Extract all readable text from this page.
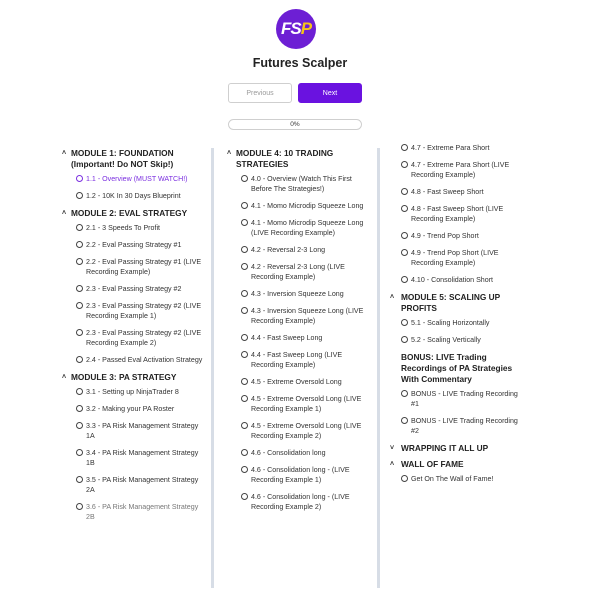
F S P
Futures Scalper
Previous	Next
0%
˄ MODULE 1: FOUNDATION (Important! Do NOT Skip!)
1.1 - Overview (MUST WATCH!)
1.2 - 10K In 30 Days Blueprint
˄ MODULE 2: EVAL STRATEGY
2.1 - 3 Speeds To Profit
2.2 - Eval Passing Strategy #1
2.2 - Eval Passing Strategy #1 (LIVE Recording Example)
2.3 - Eval Passing Strategy #2
2.3 - Eval Passing Strategy #2 (LIVE Recording Example 1)
2.3 - Eval Passing Strategy #2 (LIVE Recording Example 2)
2.4 - Passed Eval Activation Strategy
˄ MODULE 3: PA STRATEGY
3.1 - Setting up NinjaTrader 8
3.2 - Making your PA Roster
3.3 - PA Risk Management Strategy 1A
3.4 - PA Risk Management Strategy 1B
3.5 - PA Risk Management Strategy 2A
3.6 - PA Risk Management Strategy 2B
˄ MODULE 4: 10 TRADING STRATEGIES
4.0 - Overview (Watch This First Before The Strategies!)
4.1 - Momo Microdip Squeeze Long
4.1 - Momo Microdip Squeeze Long (LIVE Recording Example)
4.2 - Reversal 2-3 Long
4.2 - Reversal 2-3 Long (LIVE Recording Example)
4.3 - Inversion Squeeze Long
4.3 - Inversion Squeeze Long (LIVE Recording Example)
4.4 - Fast Sweep Long
4.4 - Fast Sweep Long (LIVE Recording Example)
4.5 - Extreme Oversold Long
4.5 - Extreme Oversold Long (LIVE Recording Example 1)
4.5 - Extreme Oversold Long (LIVE Recording Example 2)
4.6 - Consolidation long
4.6 - Consolidation long - (LIVE Recording Example 1)
4.6 - Consolidation long - (LIVE Recording Example 2)
4.7 - Extreme Para Short
4.7 - Extreme Para Short (LIVE Recording Example)
4.8 - Fast Sweep Short
4.8 - Fast Sweep Short (LIVE Recording Example)
4.9 - Trend Pop Short
4.9 - Trend Pop Short (LIVE Recording Example)
4.10 - Consolidation Short
˄ MODULE 5: SCALING UP PROFITS
5.1 - Scaling Horizontally
5.2 - Scaling Vertically
BONUS: LIVE Trading Recordings of PA Strategies With Commentary
BONUS - LIVE Trading Recording #1
BONUS - LIVE Trading Recording #2
˅ WRAPPING IT ALL UP
˄ WALL OF FAME
Get On The Wall of Fame!
